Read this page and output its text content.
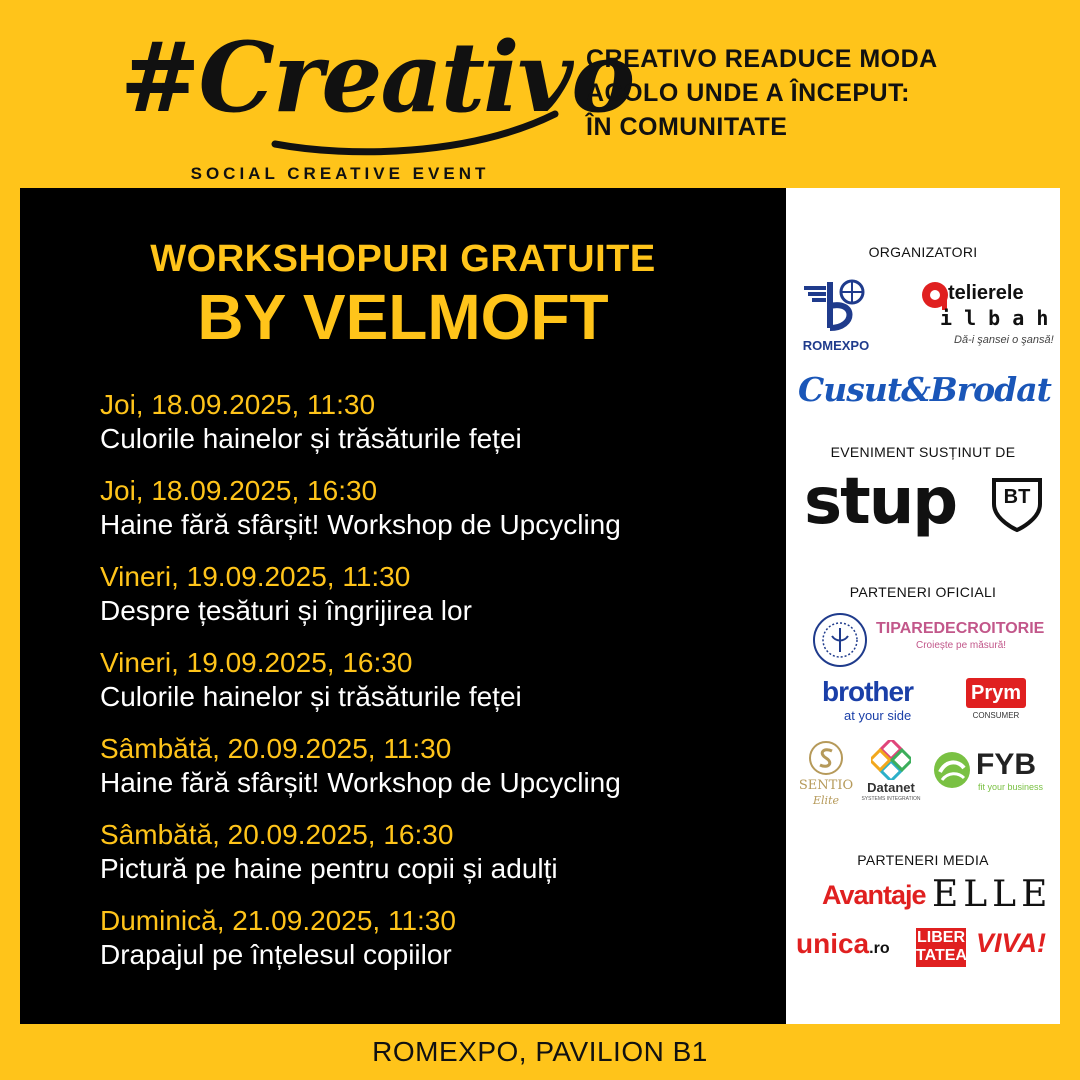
#Creativo
SOCIAL CREATIVE EVENT
CREATIVO READUCE MODA
ACOLO UNDE A ÎNCEPUT:
ÎN COMUNITATE
WORKSHOPURI GRATUITE
BY VELMOFT
Joi, 18.09.2025, 11:30
Culorile hainelor și trăsăturile feței
Joi, 18.09.2025, 16:30
Haine fără sfârșit! Workshop de Upcycling
Vineri, 19.09.2025, 11:30
Despre țesături și îngrijirea lor
Vineri, 19.09.2025, 16:30
Culorile hainelor și trăsăturile feței
Sâmbătă, 20.09.2025, 11:30
Haine fără sfârșit! Workshop de Upcycling
Sâmbătă, 20.09.2025, 16:30
Pictură pe haine pentru copii și adulți
Duminică, 21.09.2025, 11:30
Drapajul pe înțelesul copiilor
ORGANIZATORI
ROMEXPO
telierele
i l b a h
Dă-i şansei o şansă!
Cusut&Brodat
EVENIMENT SUSȚINUT DE
stup	BT
PARTENERI OFICIALI
TIPAREDECROITORIE
Croiește pe măsură!
brother
at your side
Prym
CONSUMER
SENTIO
Elite
Datanet
SYSTEMS INTEGRATION
FYB
fit your business
PARTENERI MEDIA
Avantaje ELLE
unica.ro
LIBER
TATEA VIVA!
ROMEXPO, PAVILION B1
